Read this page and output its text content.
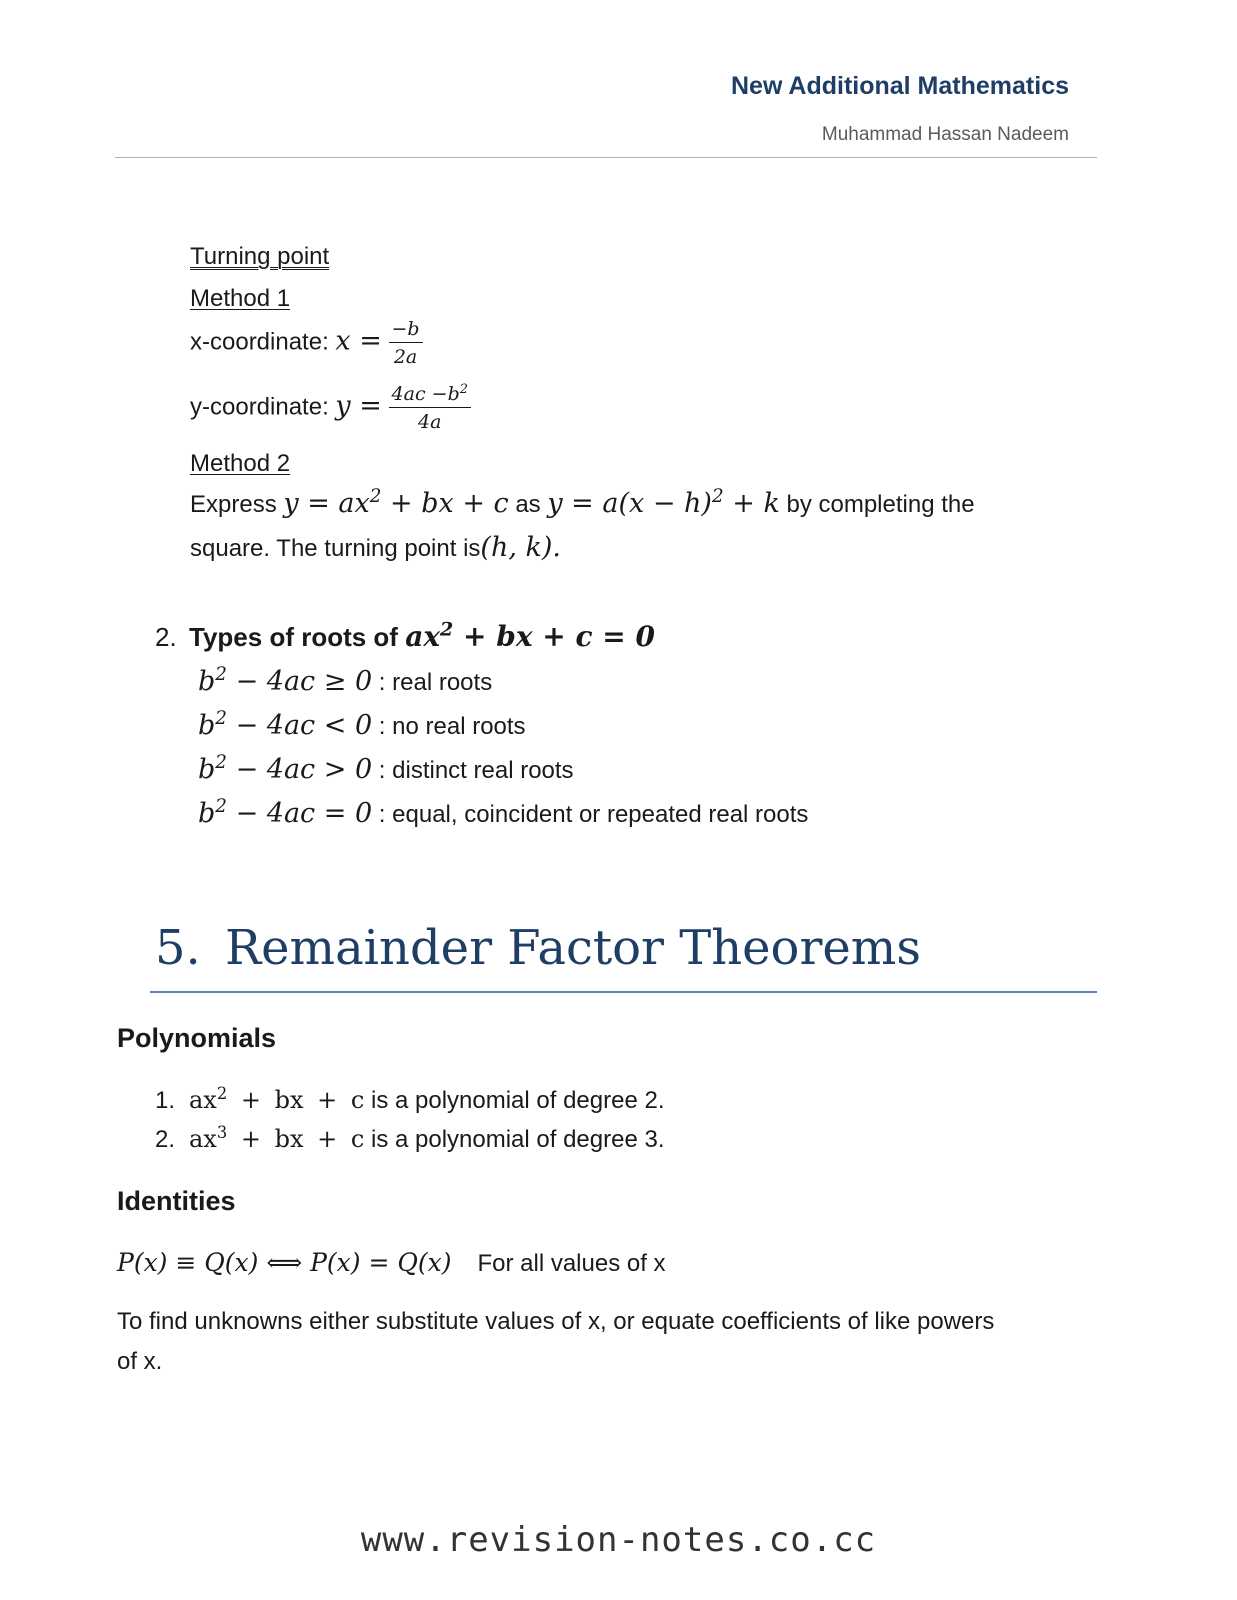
New Additional Mathematics
Muhammad Hassan Nadeem
Turning point
Method 1
x-coordinate: $x = \frac{-b}{2a}$
y-coordinate: $y = \frac{4ac -b^2}{4a}$
Method 2
Express $y = ax^2$ + bx + c as $y = a(x - h)^2 + k$ by completing the
square. The turning point is(h, k).
2. Types of roots of $ax^2$ + bx + c = 0
$b^2 - 4ac \ge 0$ : real roots
$b^2 - 4ac < 0$ : no real roots
$b^2 - 4ac > 0$ : distinct real roots
$b^2 - 4ac = 0$ : equal, coincident or repeated real roots
5. Remainder Factor Theorems
Polynomials
1. $ax^2$ + bx + c is a polynomial of degree 2.
2. $ax^3$ + bx + c is a polynomial of degree 3.
Identities
P(x) ≡ Q(x) ⟺ P(x) = Q(x) For all values of x
To find unknowns either substitute values of x, or equate coefficients of like powers
of x.
www.revision-notes.co.cc
